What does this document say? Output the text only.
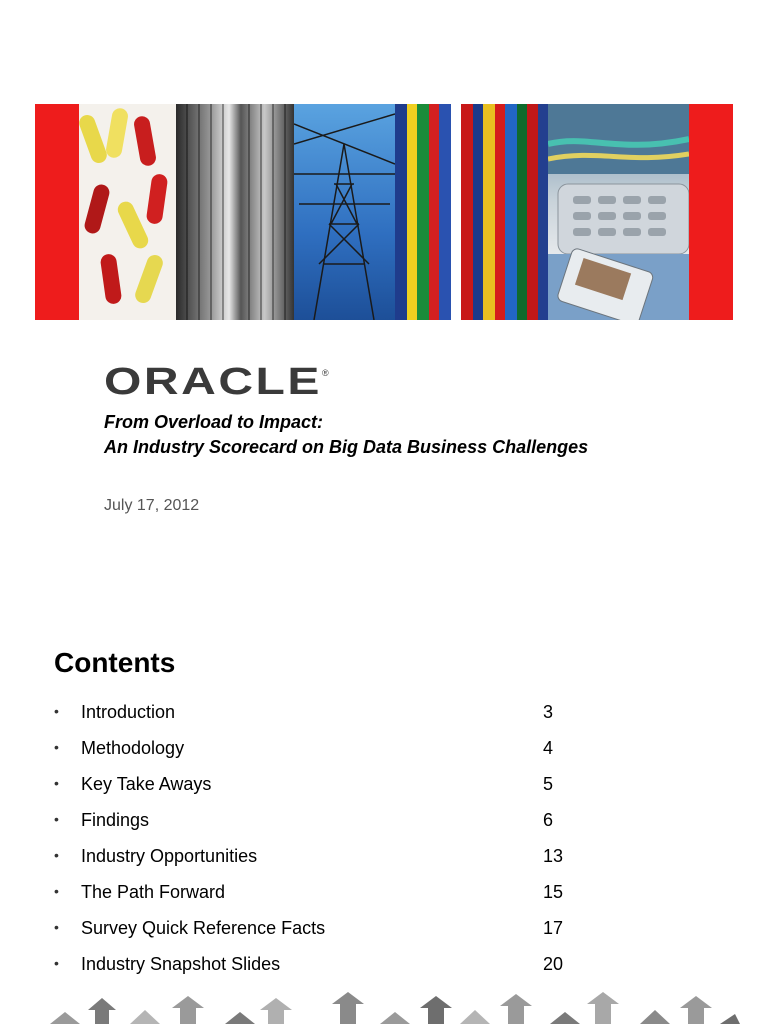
ORACLE ®
From Overload to Impact:
An Industry Scorecard on Big Data Business Challenges
July 17, 2012
Contents
• Introduction	3
• Methodology	4
• Key Take Aways	5
• Findings	6
• Industry Opportunities	13
• The Path Forward	15
• Survey Quick Reference Facts	17
• Industry Snapshot Slides	20
